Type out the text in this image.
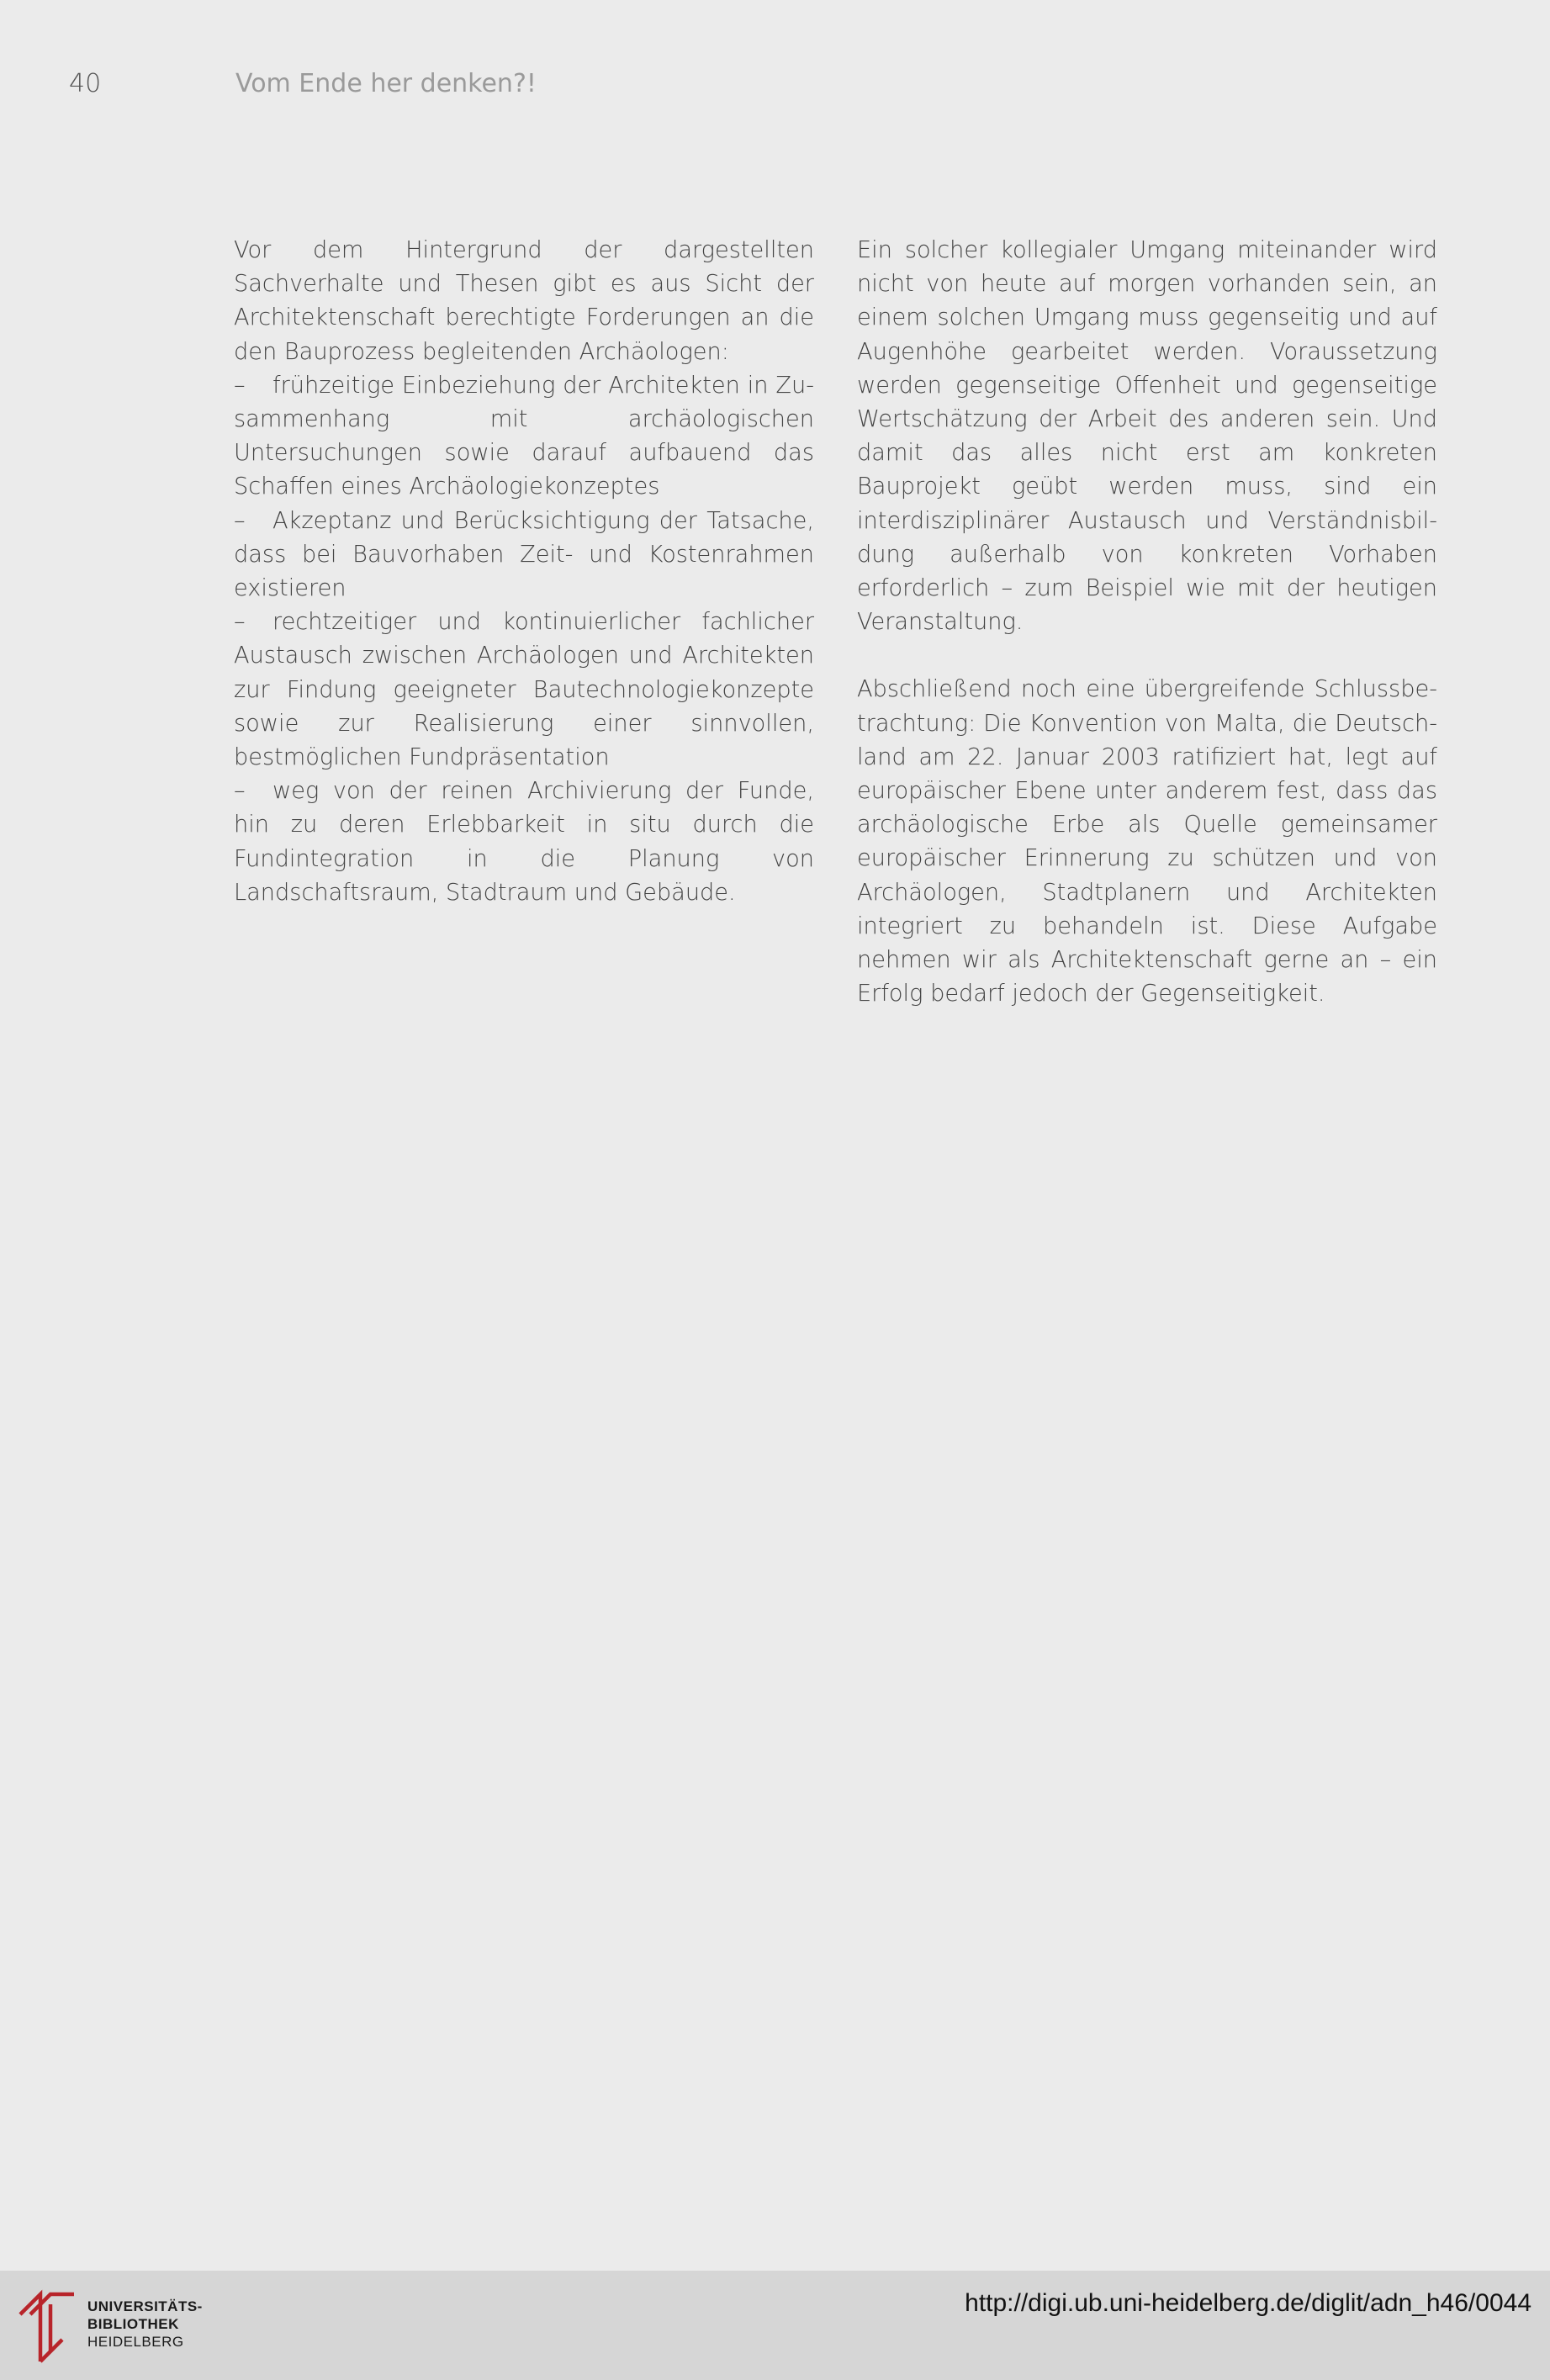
40	Vom Ende her denken?!

Vor dem Hintergrund der dargestellten Sachverhalte und Thesen gibt es aus Sicht der Architektenschaft berechtigte Forderungen an die den Bauprozess begleitenden Archäologen:

– frühzeitige Einbeziehung der Architekten in Zusammenhang mit archäologischen Untersuchungen sowie darauf aufbauend das Schaffen eines Archäologiekonzeptes
– Akzeptanz und Berücksichtigung der Tatsache, dass bei Bauvorhaben Zeit- und Kostenrahmen existieren
– rechtzeitiger und kontinuierlicher fachlicher Austausch zwischen Archäologen und Architekten zur Findung geeigneter Bautechnologiekonzepte sowie zur Realisierung einer sinnvollen, bestmöglichen Fundpräsentation
– weg von der reinen Archivierung der Funde, hin zu deren Erlebbarkeit in situ durch die Fundintegration in die Planung von Landschaftsraum, Stadtraum und Gebäude.

Ein solcher kollegialer Umgang miteinander wird nicht von heute auf morgen vorhanden sein, an einem solchen Umgang muss gegenseitig und auf Augenhöhe gearbeitet werden. Voraussetzung werden gegenseitige Offenheit und gegenseitige Wertschätzung der Arbeit des anderen sein. Und damit das alles nicht erst am konkreten Bauprojekt geübt werden muss, sind ein interdisziplinärer Austausch und Verständnisbildung außerhalb von konkreten Vorhaben erforderlich – zum Beispiel wie mit der heutigen Veranstaltung.

Abschließend noch eine übergreifende Schlussbetrachtung: Die Konvention von Malta, die Deutschland am 22. Januar 2003 ratifiziert hat, legt auf europäischer Ebene unter anderem fest, dass das archäologische Erbe als Quelle gemeinsamer europäischer Erinnerung zu schützen und von Archäologen, Stadtplanern und Architekten integriert zu behandeln ist. Diese Aufgabe nehmen wir als Architektenschaft gerne an – ein Erfolg bedarf jedoch der Gegenseitigkeit.

UNIVERSITÄTS-
BIBLIOTHEK
HEIDELBERG
http://digi.ub.uni-heidelberg.de/diglit/adn_h46/0044
